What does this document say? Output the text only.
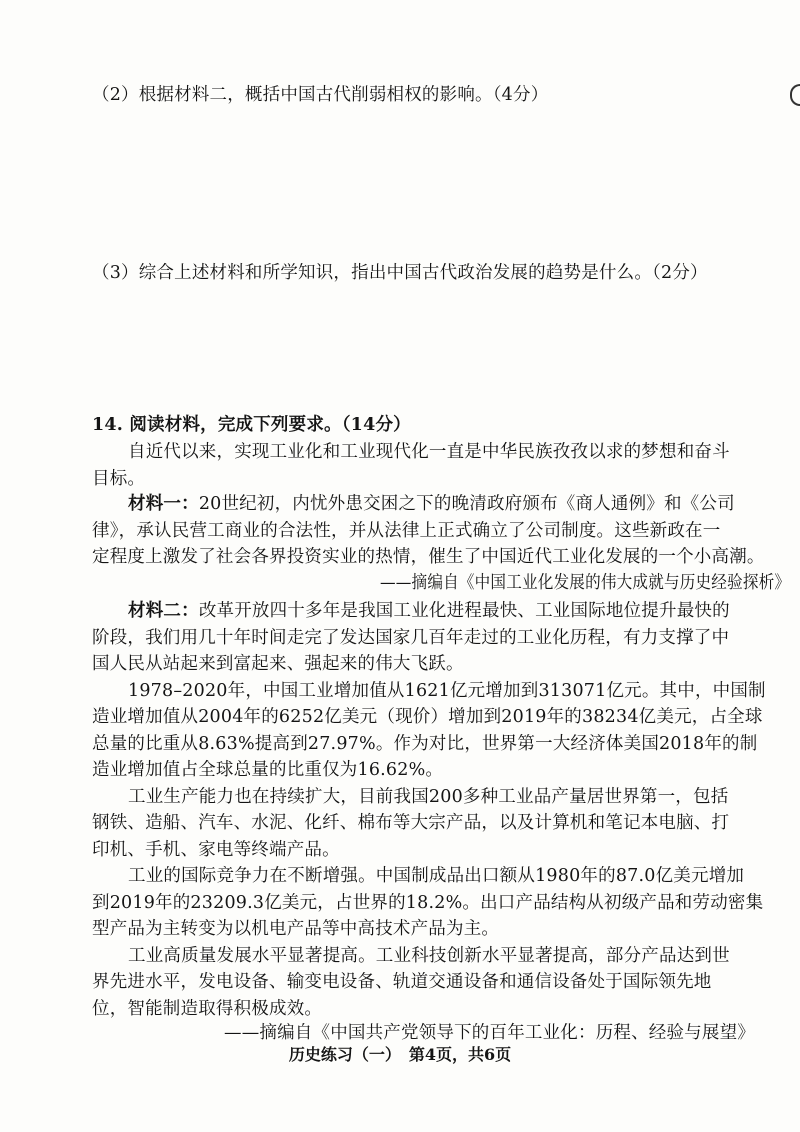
（2）根据材料二，概括中国古代削弱相权的影响。（4分）
（3）综合上述材料和所学知识，指出中国古代政治发展的趋势是什么。（2分）
14. 阅读材料，完成下列要求。（14分）
自近代以来，实现工业化和工业现代化一直是中华民族孜孜以求的梦想和奋斗
目标。
材料一：20世纪初，内忧外患交困之下的晚清政府颁布《商人通例》和《公司
律》，承认民营工商业的合法性，并从法律上正式确立了公司制度。这些新政在一
定程度上激发了社会各界投资实业的热情，催生了中国近代工业化发展的一个小高潮。
——摘编自《中国工业化发展的伟大成就与历史经验探析》
材料二：改革开放四十多年是我国工业化进程最快、工业国际地位提升最快的
阶段，我们用几十年时间走完了发达国家几百年走过的工业化历程，有力支撑了中
国人民从站起来到富起来、强起来的伟大飞跃。
1978–2020年，中国工业增加值从1621亿元增加到313071亿元。其中，中国制
造业增加值从2004年的6252亿美元（现价）增加到2019年的38234亿美元，占全球
总量的比重从8.63%提高到27.97%。作为对比，世界第一大经济体美国2018年的制
造业增加值占全球总量的比重仅为16.62%。
工业生产能力也在持续扩大，目前我国200多种工业品产量居世界第一，包括
钢铁、造船、汽车、水泥、化纤、棉布等大宗产品，以及计算机和笔记本电脑、打
印机、手机、家电等终端产品。
工业的国际竞争力在不断增强。中国制成品出口额从1980年的87.0亿美元增加
到2019年的23209.3亿美元，占世界的18.2%。出口产品结构从初级产品和劳动密集
型产品为主转变为以机电产品等中高技术产品为主。
工业高质量发展水平显著提高。工业科技创新水平显著提高，部分产品达到世
界先进水平，发电设备、输变电设备、轨道交通设备和通信设备处于国际领先地
位，智能制造取得积极成效。
——摘编自《中国共产党领导下的百年工业化：历程、经验与展望》
历史练习（一）　第4页，共6页
